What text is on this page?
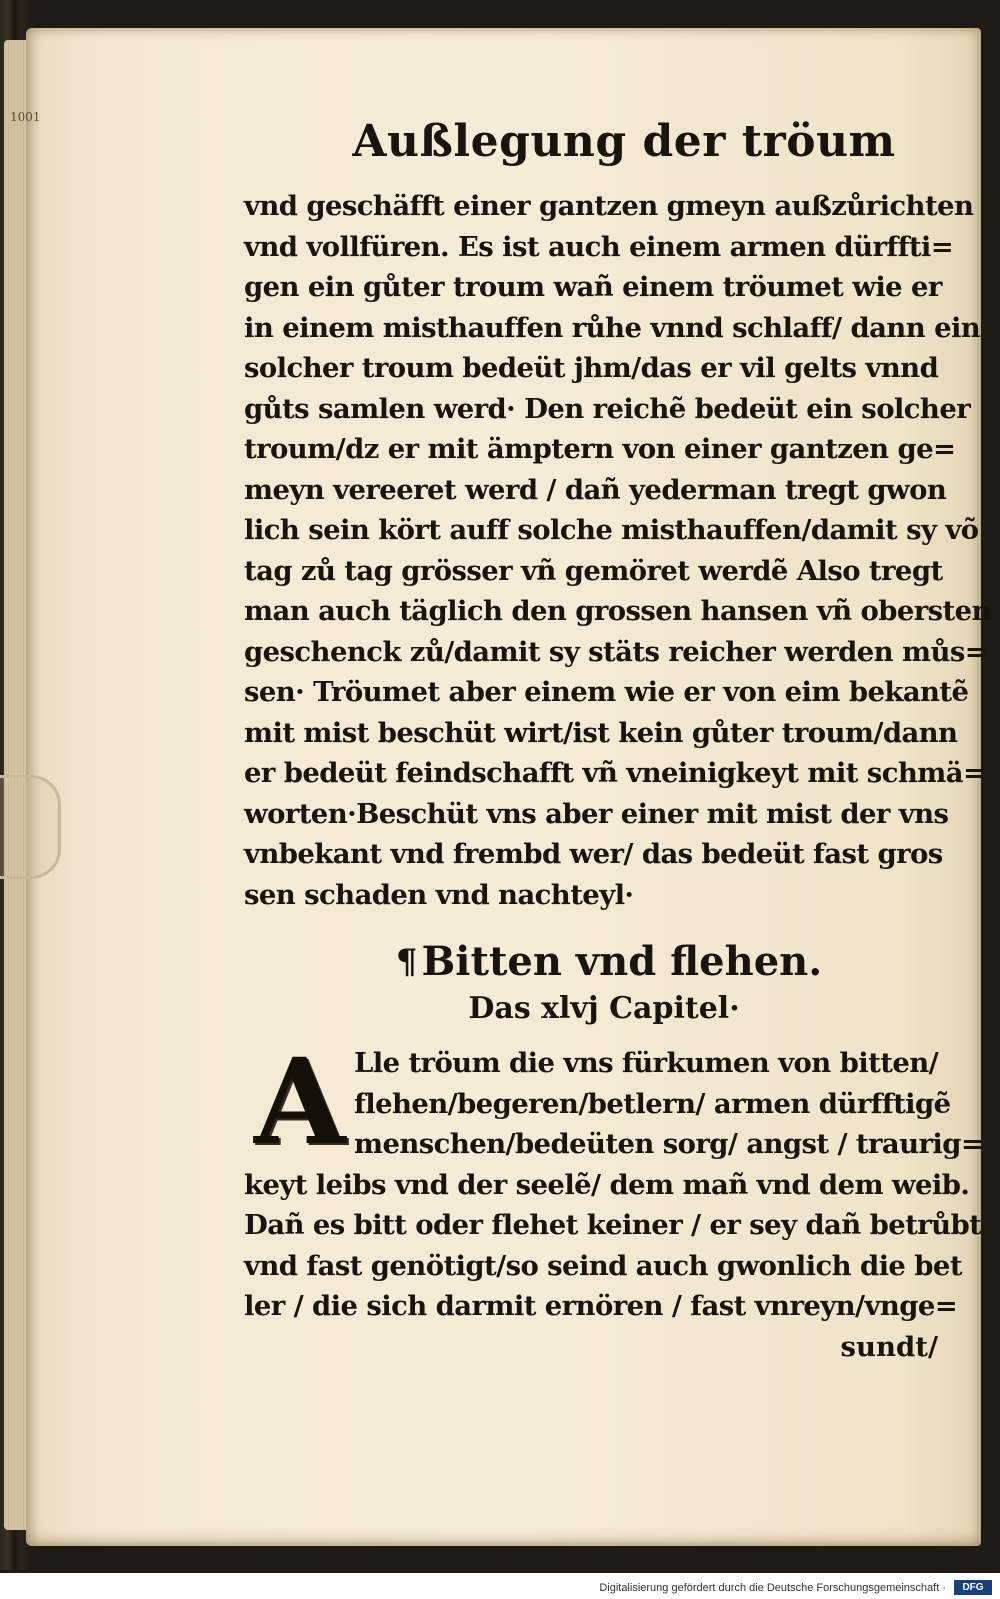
1001	Außlegung der tröum
vnd geschäfft einer gantzen gmeyn außzůrichten
vnd vollfüren. Es ist auch einem armen dürffti=
gen ein gůter troum wañ einem tröumet wie er
in einem misthauffen růhe vnnd schlaff/ dann ein
solcher troum bedeüt jhm/das er vil gelts vnnd
gůts samlen werd· Den reichẽ bedeüt ein solcher
troum/dz er mit ämptern von einer gantzen ge=
meyn vereeret werd / dañ yederman tregt gwon
lich sein kört auff solche misthauffen/damit sy võ
tag zů tag grösser vñ gemöret werdẽ Also tregt
man auch täglich den grossen hansen vñ obersten
geschenck zů/damit sy stäts reicher werden můs=
sen· Tröumet aber einem wie er von eim bekantẽ
mit mist beschüt wirt/ist kein gůter troum/dann
er bedeüt feindschafft vñ vneinigkeyt mit schmä=
worten·Beschüt vns aber einer mit mist der vns
vnbekant vnd frembd wer/ das bedeüt fast gros
sen schaden vnd nachteyl·
¶ Bitten vnd flehen.
Das xlvj Capitel·
A Lle tröum die vns fürkumen von bitten/
flehen/begeren/betlern/ armen dürfftigẽ
menschen/bedeüten sorg/ angst / traurig=
keyt leibs vnd der seelẽ/ dem mañ vnd dem weib.
Dañ es bitt oder flehet keiner / er sey dañ betrůbt
vnd fast genötigt/so seind auch gwonlich die bet
ler / die sich darmit ernören / fast vnreyn/vnge=
sundt/
Digitalisierung gefördert durch die Deutsche Forschungsgemeinschaft ·	DFG
